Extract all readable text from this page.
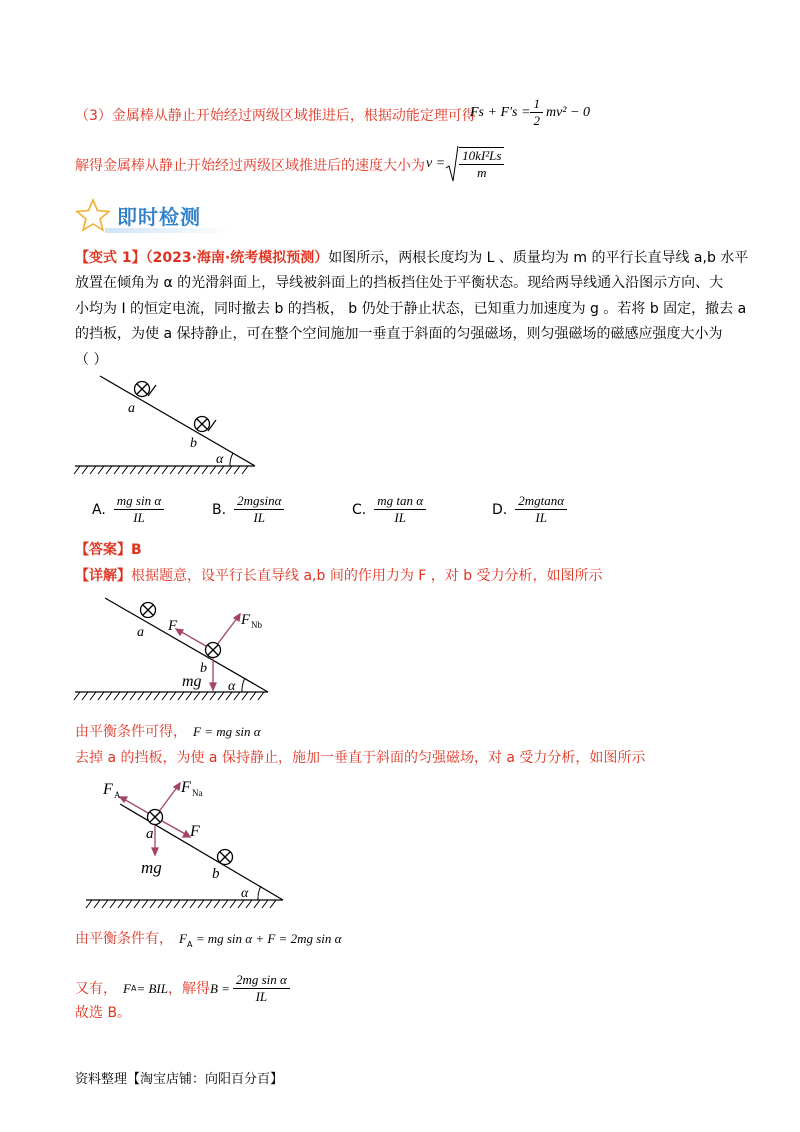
（3）金属棒从静止开始经过两级区域推进后，根据动能定理可得
$Fs + F's = \frac{1}{2} mv^2 - 0$
解得金属棒从静止开始经过两级区域推进后的速度大小为 $v = \frac{\text{10kI²Ls}}{m}$
即时检测
【变式 1】（2023·海南·统考模拟预测）如图所示，两根长度均为 L 、质量均为 m 的平行长直导线 a,b 水平
放置在倾角为 α 的光滑斜面上，导线被斜面上的挡板挡住处于平衡状态。现给两导线通入沿图示方向、大
小均为 I 的恒定电流，同时撤去 b 的挡板， b 仍处于静止状态，已知重力加速度为 g 。若将 b 固定，撤去 a
的挡板，为使 a 保持静止，可在整个空间施加一垂直于斜面的匀强磁场，则匀强磁场的磁感应强度大小为
（ ）
a
b
α
A. $\frac{\text{mg sin α}}{IL}$	B. $\frac{2mgsin\alpha}{IL}$	C. $\frac{\text{mg tan α}}{IL}$	D. $\frac{2mgtan\alpha}{IL}$
【答案】B
【详解】根据题意，设平行长直导线 a,b 间的作用力为 F ，对 b 受力分析，如图所示
a
b
α
F	F Nb
mg
由平衡条件可得， F = mg sin α
去掉 a 的挡板，为使 a 保持静止，施加一垂直于斜面的匀强磁场，对 a 受力分析，如图所示
F A	F Na
F
a
b
α
mg
由平衡条件有， $F_A$ = mg sin α + F = 2mg sin α
又有， F A = BIL ，解得 $B = \frac{\text{2mg sin α}}{IL}$
故选 B。
资料整理【淘宝店铺：向阳百分百】
